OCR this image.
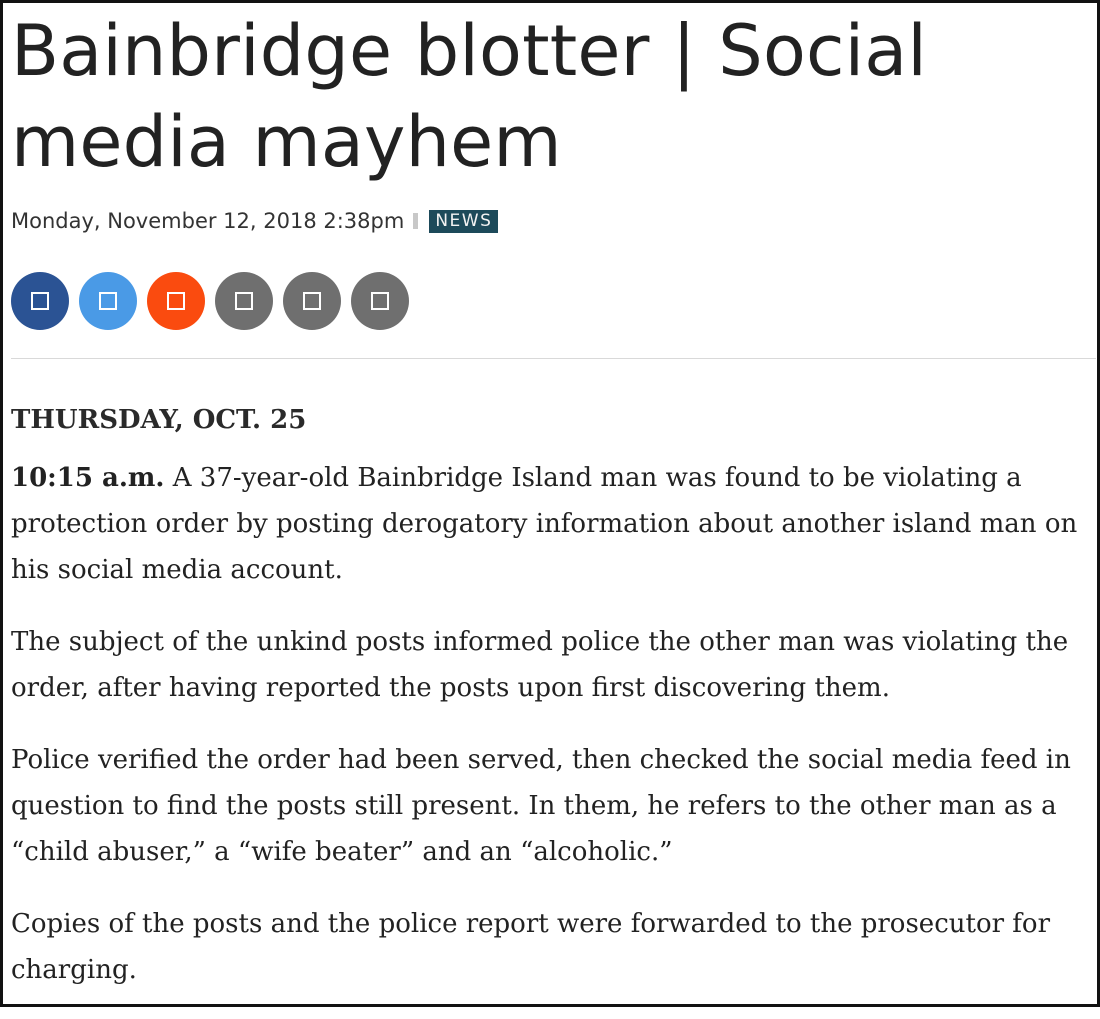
Bainbridge blotter | Social media mayhem
Monday, November 12, 2018 2:38pm	NEWS
THURSDAY, OCT. 25

10:15 a.m. A 37-year-old Bainbridge Island man was found to be violating a protection order by posting derogatory information about another island man on his social media account.

The subject of the unkind posts informed police the other man was violating the order, after having reported the posts upon first discovering them.

Police verified the order had been served, then checked the social media feed in question to find the posts still present. In them, he refers to the other man as a “child abuser,” a “wife beater” and an “alcoholic.”

Copies of the posts and the police report were forwarded to the prosecutor for charging.
